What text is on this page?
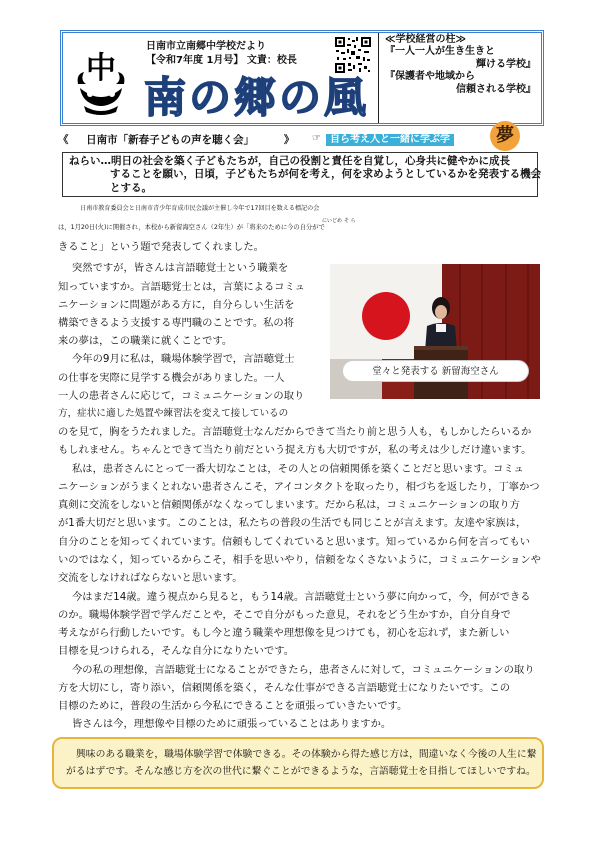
中
日南市立南郷中学校だより
【令和7年度 1月号】 文責：校長
南の郷の風
≪学校経営の柱≫
『一人一人が生き生きと
輝ける学校』
『保護者や地域から
信頼される学校』
《 日南市「新春子どもの声を聴く会」	》 ☞ 自ら考え人と一緒に学ぶ学	夢
ねらい…明日の社会を築く子どもたちが，自己の役割と責任を自覚し，心身共に健やかに成長
することを願い，日頃，子どもたちが何を考え，何を求めようとしているかを発表する機会
とする。
日南市教育委員会と日南市青少年育成市民会議が主催し今年で17回目を数える標記の会
にいどめ そ ら
は，1月20日(火)に開催され，本校から新留海空さん（2年生）が「将来のために今の自分がで
きること」という題で発表してくれました。
突然ですが，皆さんは言語聴覚士という職業を
知っていますか。言語聴覚士とは，言葉によるコミュ
ニケーションに問題がある方に，自分らしい生活を
構築できるよう支援する専門職のことです。私の将
来の夢は，この職業に就くことです。
今年の9月に私は，職場体験学習で，言語聴覚士
の仕事を実際に見学する機会がありました。一人
一人の患者さんに応じて，コミュニケーションの取り
方，症状に適した処置や練習法を変えて接しているの
堂々と発表する 新留海空さん
のを見て，胸をうたれました。言語聴覚士なんだからできて当たり前と思う人も，もしかしたらいるか
もしれません。ちゃんとできて当たり前だという捉え方も大切ですが，私の考えは少しだけ違います。
私は，患者さんにとって一番大切なことは，その人との信頼関係を築くことだと思います。コミュ
ニケーションがうまくとれない患者さんこそ，アイコンタクトを取ったり，相づちを返したり，丁寧かつ
真剣に交流をしないと信頼関係がなくなってしまいます。だから私は，コミュニケーションの取り方
が1番大切だと思います。このことは，私たちの普段の生活でも同じことが言えます。友達や家族は，
自分のことを知ってくれています。信頼もしてくれていると思います。知っているから何を言ってもい
いのではなく，知っているからこそ，相手を思いやり，信頼をなくさないように，コミュニケーションや
交流をしなければならないと思います。
今はまだ14歳。違う視点から見ると，もう14歳。言語聴覚士という夢に向かって，今，何ができる
のか。職場体験学習で学んだことや，そこで自分がもった意見，それをどう生かすか，自分自身で
考えながら行動したいです。もし今と違う職業や理想像を見つけても，初心を忘れず，また新しい
目標を見つけられる，そんな自分になりたいです。
今の私の理想像，言語聴覚士になることができたら，患者さんに対して，コミュニケーションの取り
方を大切にし，寄り添い，信頼関係を築く，そんな仕事ができる言語聴覚士になりたいです。この
目標のために，普段の生活から今私にできることを頑張っていきたいです。
皆さんは今，理想像や目標のために頑張っていることはありますか。
興味のある職業を，職場体験学習で体験できる。その体験から得た感じ方は，間違いなく今後の人生に繋
がるはずです。そんな感じ方を次の世代に繋ぐことができるような，言語聴覚士を目指してほしいですね。
